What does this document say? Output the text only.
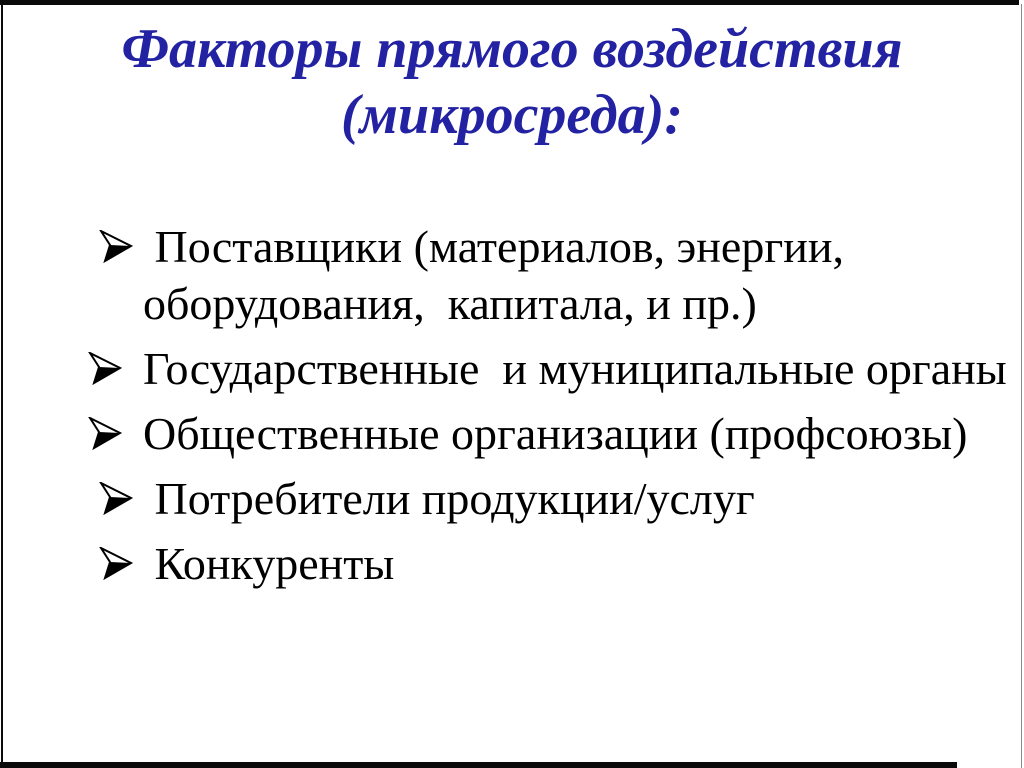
Факторы прямого воздействия (микросреда):
Поставщики (материалов, энергии, оборудования,  капитала, и пр.)
Государственные  и муниципальные органы
Общественные организации (профсоюзы)
Потребители продукции/услуг
Конкуренты
